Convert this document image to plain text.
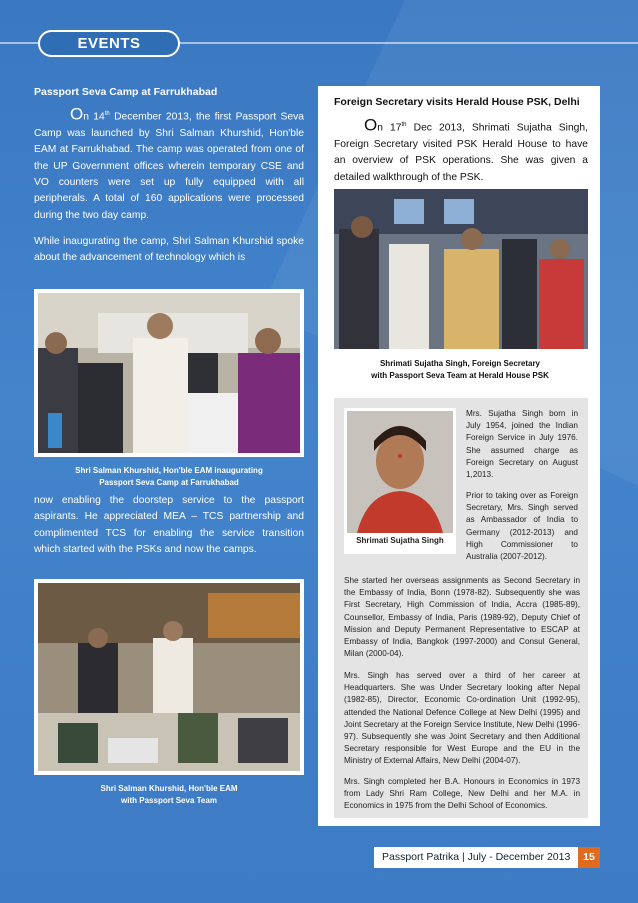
EVENTS
Passport Seva Camp at Farrukhabad
On 14th December 2013, the first Passport Seva Camp was launched by Shri Salman Khurshid, Hon'ble EAM at Farrukhabad. The camp was operated from one of the UP Government offices wherein temporary CSE and VO counters were set up fully equipped with all peripherals. A total of 160 applications were processed during the two day camp.
While inaugurating the camp, Shri Salman Khurshid spoke about the advancement of technology which is
Shri Salman Khurshid, Hon'ble EAM inaugurating
Passport Seva Camp at Farrukhabad
now enabling the doorstep service to the passport aspirants. He appreciated MEA – TCS partnership and complimented TCS for enabling the service transition which started with the PSKs and now the camps.
Shri Salman Khurshid, Hon'ble EAM
with Passport Seva Team
Foreign Secretary visits Herald House PSK, Delhi
On 17th Dec 2013, Shrimati Sujatha Singh, Foreign Secretary visited PSK Herald House to have an overview of PSK operations. She was given a detailed walkthrough of the PSK.
Shrimati Sujatha Singh, Foreign Secretary
with Passport Seva Team at Herald House PSK
Shrimati Sujatha Singh
Mrs. Sujatha Singh born in July 1954, joined the Indian Foreign Service in July 1976. She assumed charge as Foreign Secretary on August 1,2013.
Prior to taking over as Foreign Secretary, Mrs. Singh served as Ambassador of India to Germany (2012-2013) and High Commissioner to Australia (2007-2012).
She started her overseas assignments as Second Secretary in the Embassy of India, Bonn (1978-82). Subsequently she was First Secretary, High Commission of India, Accra (1985-89), Counsellor, Embassy of India, Paris (1989-92), Deputy Chief of Mission and Deputy Permanent Representative to ESCAP at Embassy of India, Bangkok (1997-2000) and Consul General, Milan (2000-04).
Mrs. Singh has served over a third of her career at Headquarters. She was Under Secretary looking after Nepal (1982-85), Director, Economic Co-ordination Unit (1992-95), attended the National Defence College at New Delhi (1995) and Joint Secretary at the Foreign Service Institute, New Delhi (1996-97). Subsequently she was Joint Secretary and then Additional Secretary responsible for West Europe and the EU in the Ministry of External Affairs, New Delhi (2004-07).
Mrs. Singh completed her B.A. Honours in Economics in 1973 from Lady Shri Ram College, New Delhi and her M.A. in Economics in 1975 from the Delhi School of Economics.
Passport Patrika | July - December 2013	15
